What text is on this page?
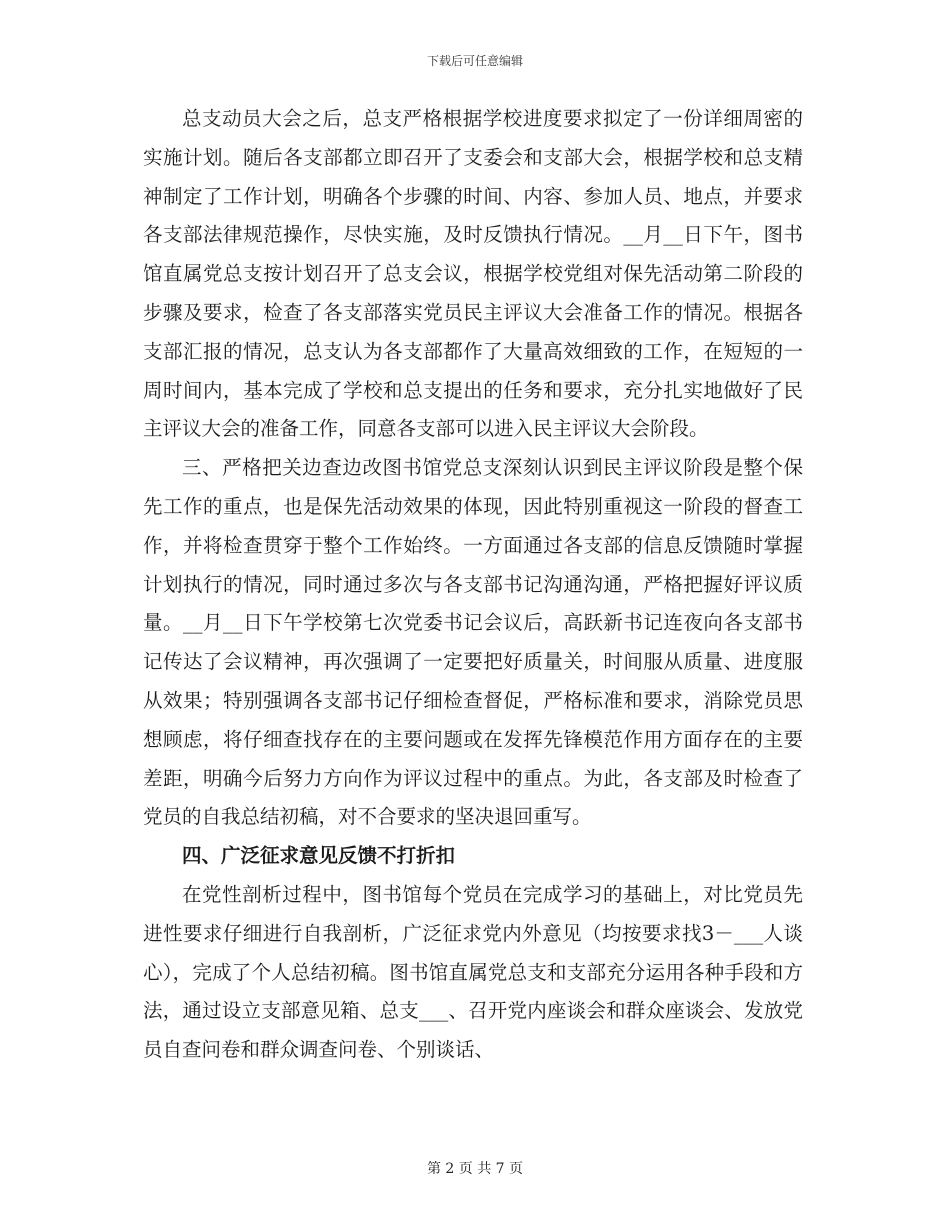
下载后可任意编辑

总支动员大会之后，总支严格根据学校进度要求拟定了一份详细周密的实施计划。随后各支部都立即召开了支委会和支部大会，根据学校和总支精神制定了工作计划，明确各个步骤的时间、内容、参加人员、地点，并要求各支部法律规范操作，尽快实施，及时反馈执行情况。__月__日下午，图书馆直属党总支按计划召开了总支会议，根据学校党组对保先活动第二阶段的步骤及要求，检查了各支部落实党员民主评议大会准备工作的情况。根据各支部汇报的情况，总支认为各支部都作了大量高效细致的工作，在短短的一周时间内，基本完成了学校和总支提出的任务和要求，充分扎实地做好了民主评议大会的准备工作，同意各支部可以进入民主评议大会阶段。

三、严格把关边查边改图书馆党总支深刻认识到民主评议阶段是整个保先工作的重点，也是保先活动效果的体现，因此特别重视这一阶段的督查工作，并将检查贯穿于整个工作始终。一方面通过各支部的信息反馈随时掌握计划执行的情况，同时通过多次与各支部书记沟通沟通，严格把握好评议质量。__月__日下午学校第七次党委书记会议后，高跃新书记连夜向各支部书记传达了会议精神，再次强调了一定要把好质量关，时间服从质量、进度服从效果；特别强调各支部书记仔细检查督促，严格标准和要求，消除党员思想顾虑，将仔细查找存在的主要问题或在发挥先锋模范作用方面存在的主要差距，明确今后努力方向作为评议过程中的重点。为此，各支部及时检查了党员的自我总结初稿，对不合要求的坚决退回重写。

四、广泛征求意见反馈不打折扣

在党性剖析过程中，图书馆每个党员在完成学习的基础上，对比党员先进性要求仔细进行自我剖析，广泛征求党内外意见（均按要求找3－___人谈心），完成了个人总结初稿。图书馆直属党总支和支部充分运用各种手段和方法，通过设立支部意见箱、总支___、召开党内座谈会和群众座谈会、发放党员自查问卷和群众调查问卷、个别谈话、

第 2 页 共 7 页
